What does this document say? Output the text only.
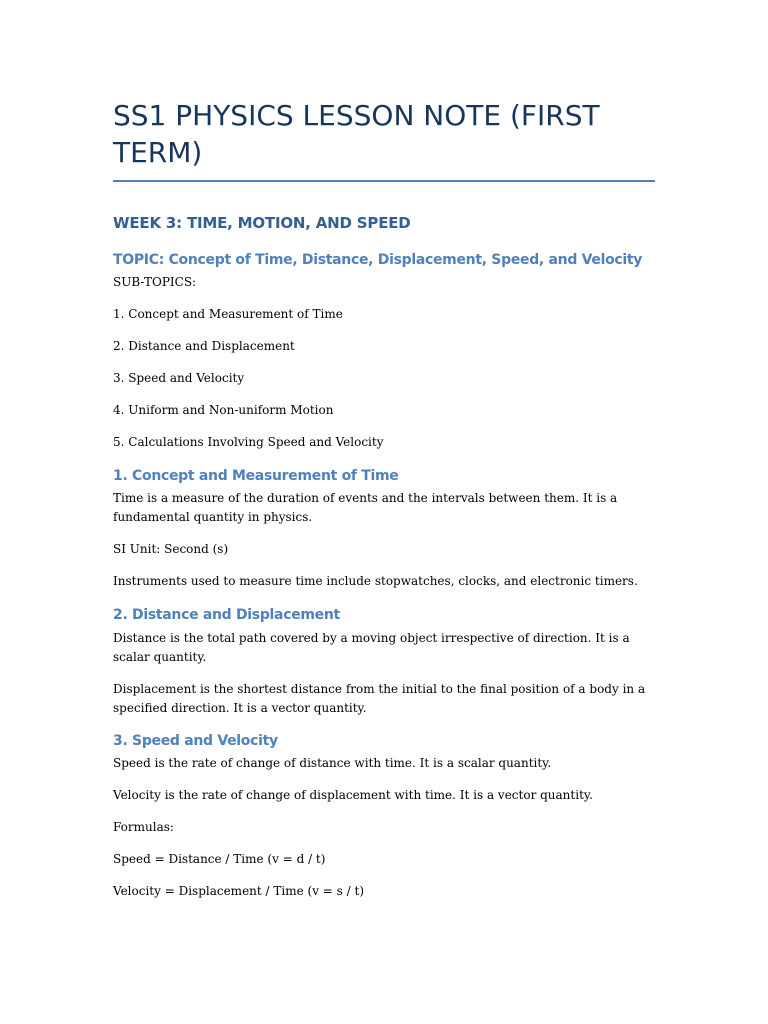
SS1 PHYSICS LESSON NOTE (FIRST TERM)
WEEK 3: TIME, MOTION, AND SPEED
TOPIC: Concept of Time, Distance, Displacement, Speed, and Velocity

SUB-TOPICS:

1. Concept and Measurement of Time

2. Distance and Displacement

3. Speed and Velocity

4. Uniform and Non-uniform Motion

5. Calculations Involving Speed and Velocity

1. Concept and Measurement of Time

Time is a measure of the duration of events and the intervals between them. It is a fundamental quantity in physics.

SI Unit: Second (s)

Instruments used to measure time include stopwatches, clocks, and electronic timers.

2. Distance and Displacement

Distance is the total path covered by a moving object irrespective of direction. It is a scalar quantity.

Displacement is the shortest distance from the initial to the final position of a body in a specified direction. It is a vector quantity.

3. Speed and Velocity

Speed is the rate of change of distance with time. It is a scalar quantity.

Velocity is the rate of change of displacement with time. It is a vector quantity.

Formulas:

Speed = Distance / Time (v = d / t)

Velocity = Displacement / Time (v = s / t)
